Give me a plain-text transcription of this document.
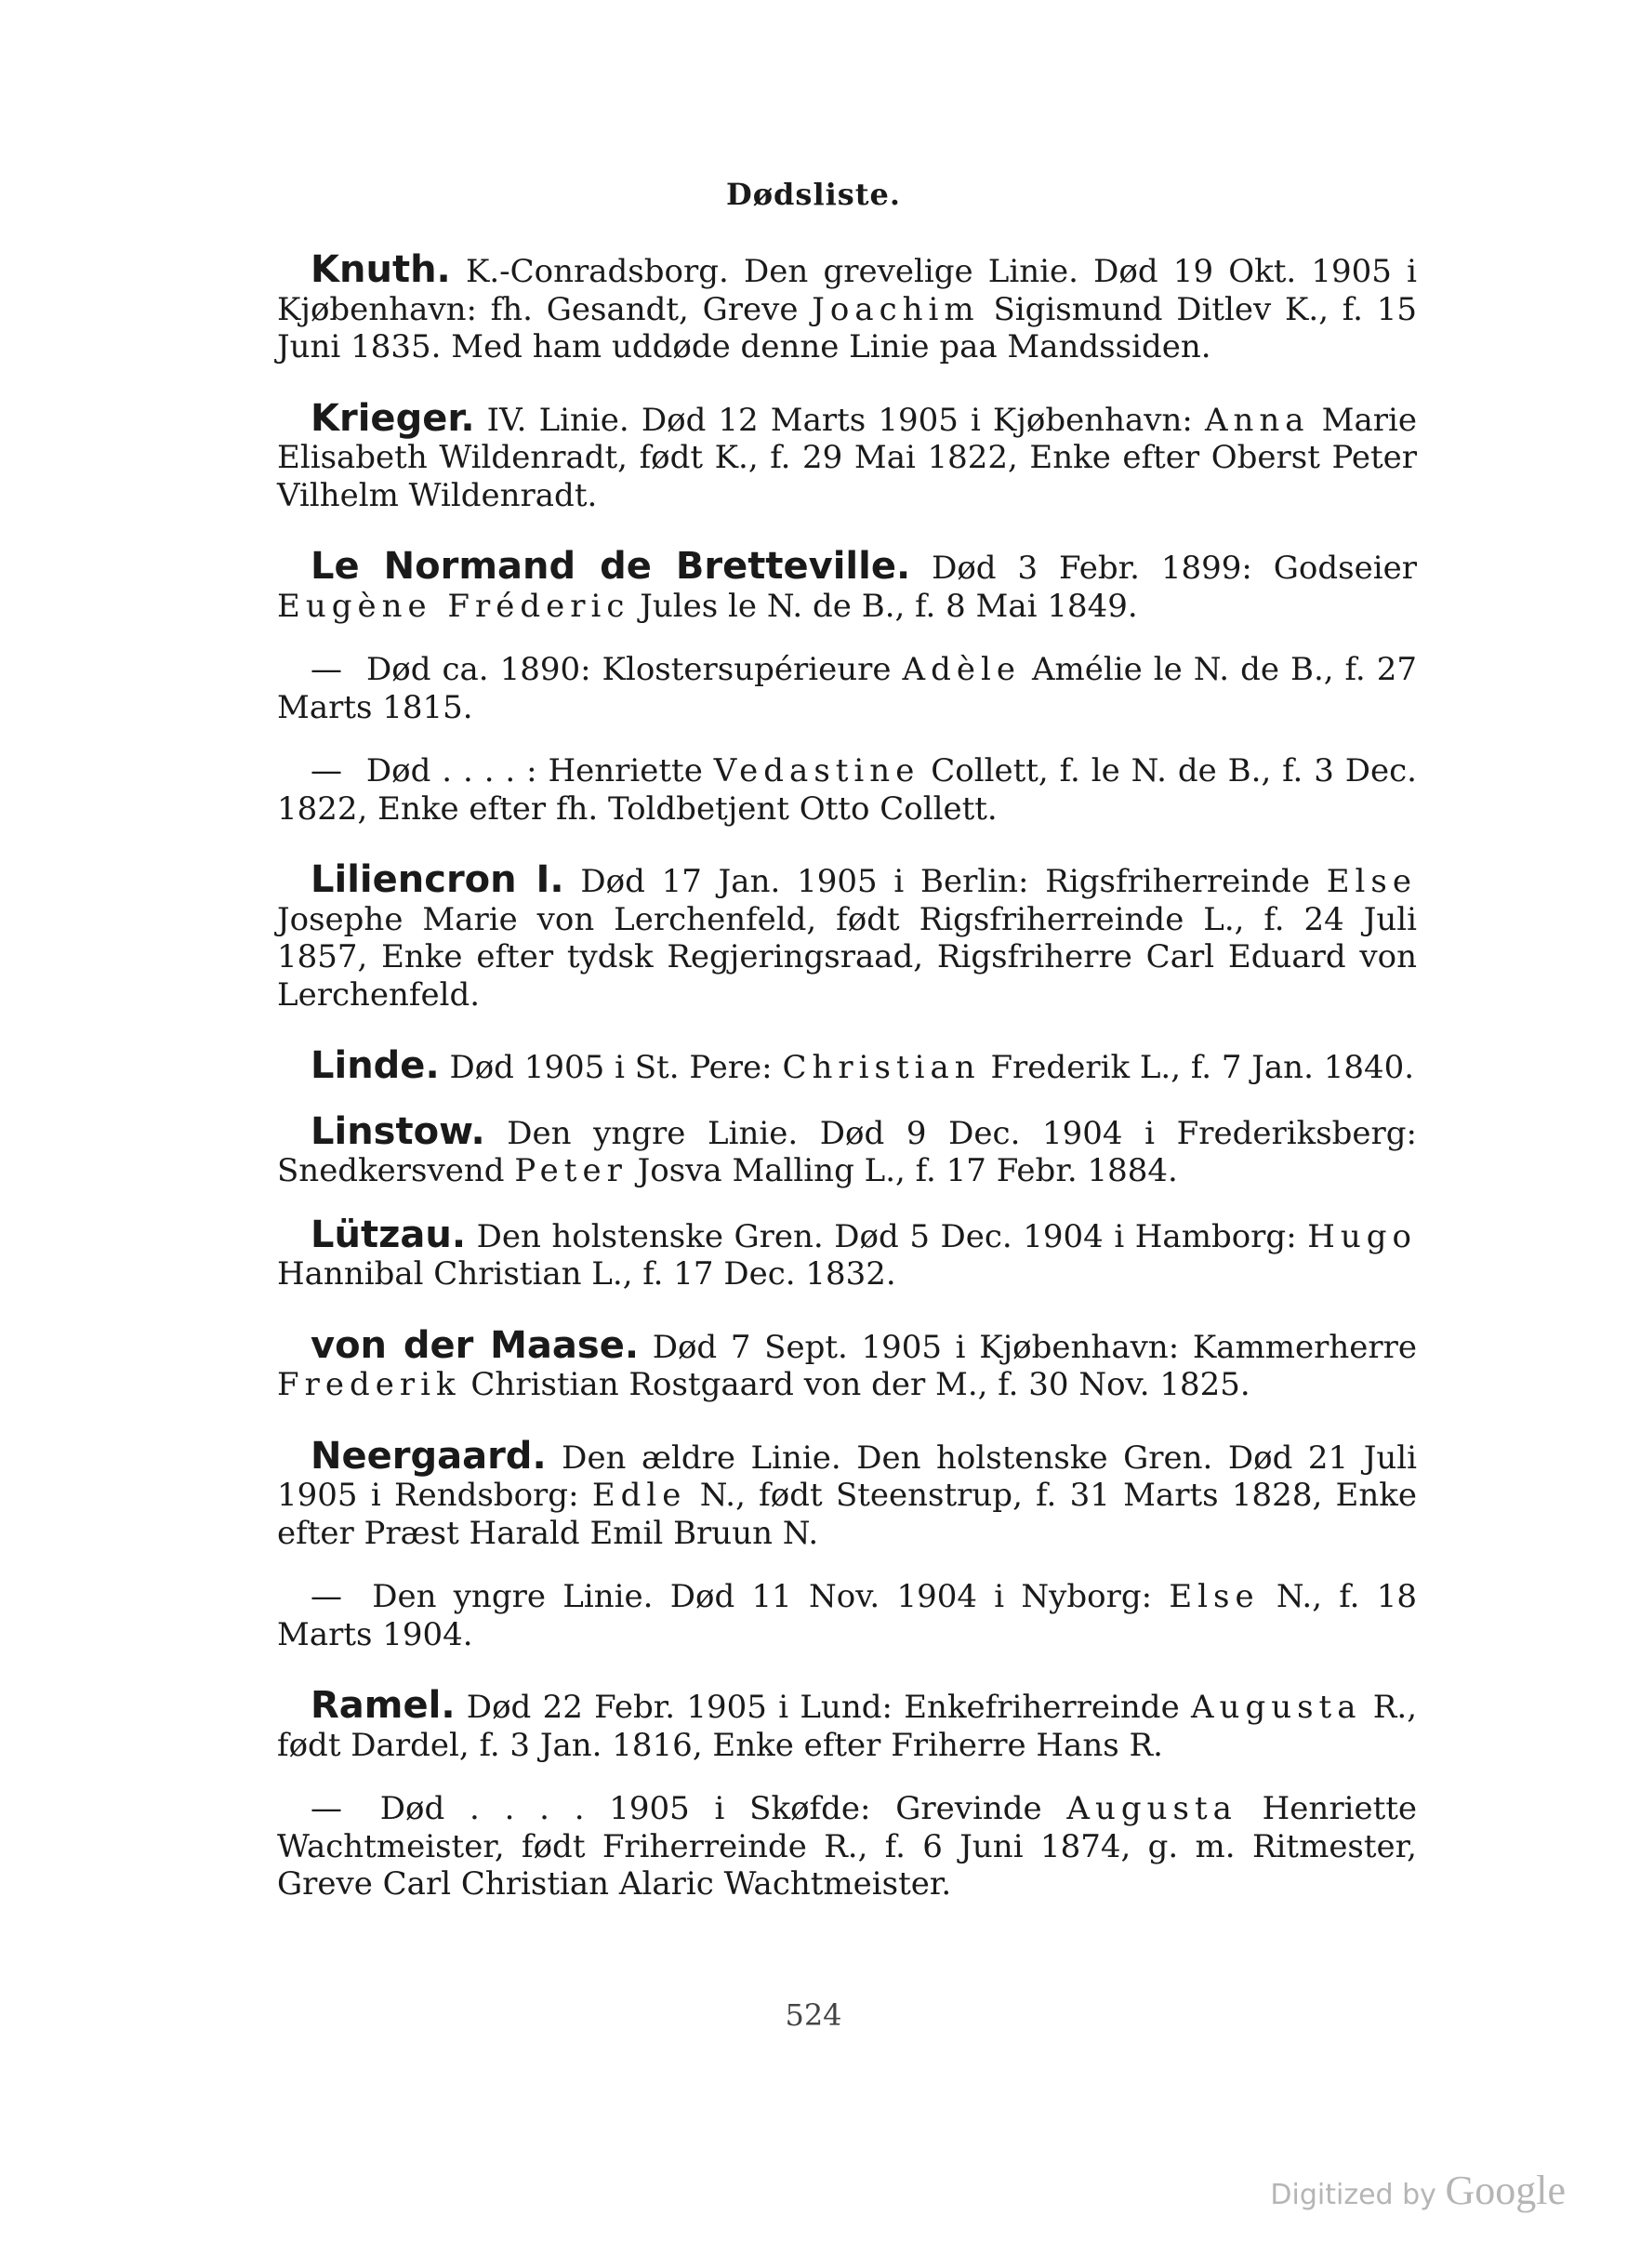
Dødsliste.

Knuth. K.-Conradsborg. Den grevelige Linie. Død 19 Okt. 1905 i Kjøbenhavn: fh. Gesandt, Greve Joachim Sigismund Ditlev K., f. 15 Juni 1835. Med ham uddøde denne Linie paa Mandssiden.

Krieger. IV. Linie. Død 12 Marts 1905 i Kjøbenhavn: Anna Marie Elisabeth Wildenradt, født K., f. 29 Mai 1822, Enke efter Oberst Peter Vilhelm Wildenradt.

Le Normand de Bretteville. Død 3 Febr. 1899: Godseier Eugène Fréderic Jules le N. de B., f. 8 Mai 1849.

— Død ca. 1890: Klostersupérieure Adèle Amélie le N. de B., f. 27 Marts 1815.

— Død . . . . : Henriette Vedastine Collett, f. le N. de B., f. 3 Dec. 1822, Enke efter fh. Toldbetjent Otto Collett.

Liliencron I. Død 17 Jan. 1905 i Berlin: Rigsfriherreinde Else Josephe Marie von Lerchenfeld, født Rigsfriherreinde L., f. 24 Juli 1857, Enke efter tydsk Regjeringsraad, Rigsfriherre Carl Eduard von Lerchenfeld.

Linde. Død 1905 i St. Pere: Christian Frederik L., f. 7 Jan. 1840.

Linstow. Den yngre Linie. Død 9 Dec. 1904 i Frederiksberg: Snedkersvend Peter Josva Malling L., f. 17 Febr. 1884.

Lützau. Den holstenske Gren. Død 5 Dec. 1904 i Hamborg: Hugo Hannibal Christian L., f. 17 Dec. 1832.

von der Maase. Død 7 Sept. 1905 i Kjøbenhavn: Kammerherre Frederik Christian Rostgaard von der M., f. 30 Nov. 1825.

Neergaard. Den ældre Linie. Den holstenske Gren. Død 21 Juli 1905 i Rendsborg: Edle N., født Steenstrup, f. 31 Marts 1828, Enke efter Præst Harald Emil Bruun N.

— Den yngre Linie. Død 11 Nov. 1904 i Nyborg: Else N., f. 18 Marts 1904.

Ramel. Død 22 Febr. 1905 i Lund: Enkefriherreinde Augusta R., født Dardel, f. 3 Jan. 1816, Enke efter Friherre Hans R.

— Død . . . . 1905 i Skøfde: Grevinde Augusta Henriette Wachtmeister, født Friherreinde R., f. 6 Juni 1874, g. m. Ritmester, Greve Carl Christian Alaric Wachtmeister.

524
Digitized by Google
